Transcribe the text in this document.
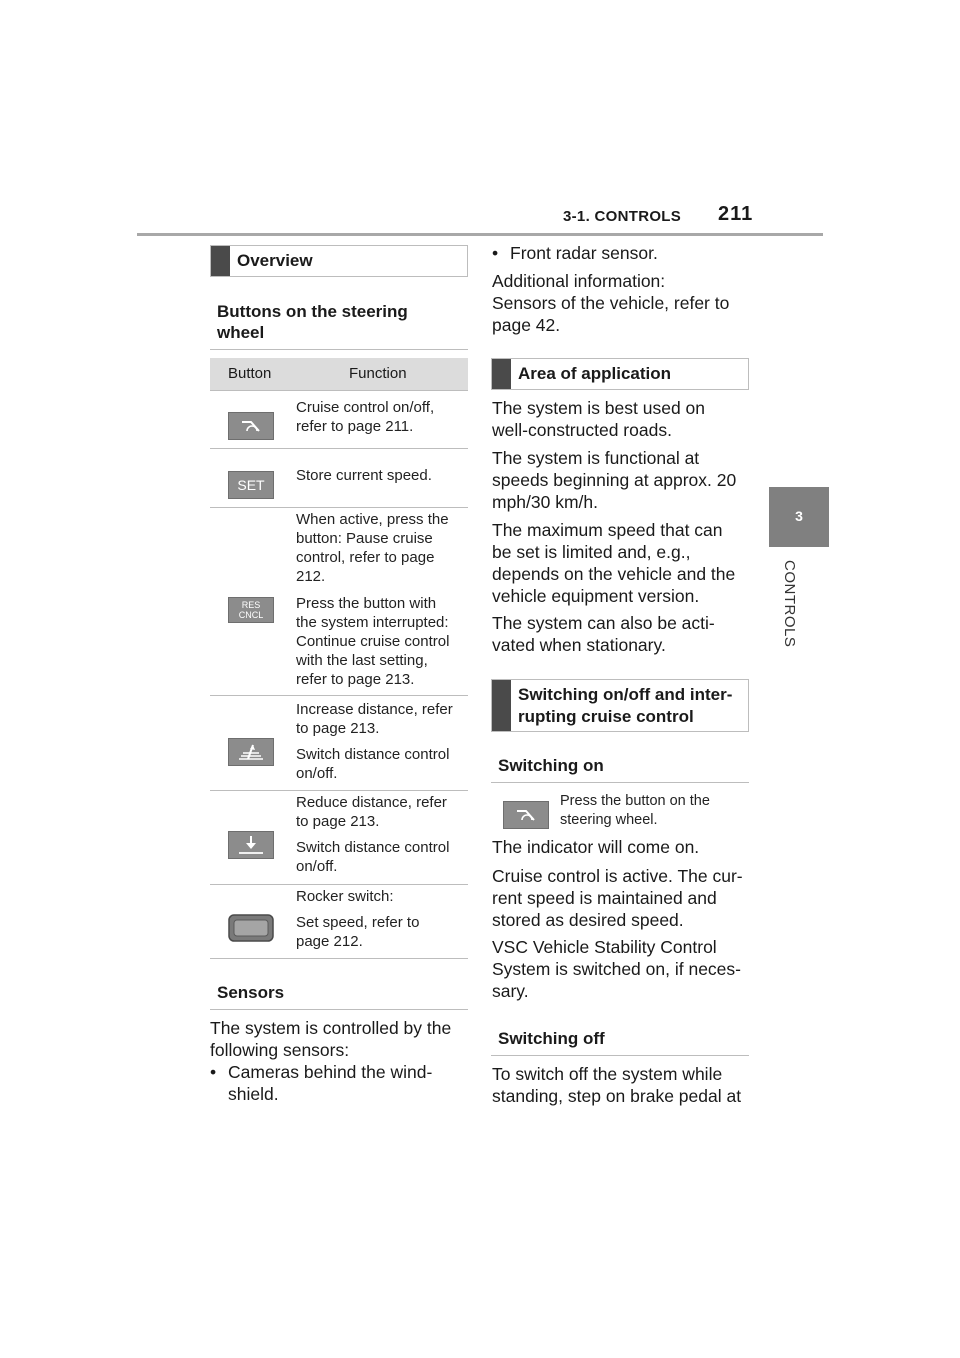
3-1. CONTROLS 211
3
CONTROLS
Overview
Buttons on the steering
wheel
Button	Function
Cruise control on/off,
refer to page 211.
SET
Store current speed.
RES
CNCL
When active, press the
button: Pause cruise
control, refer to page
212.
Press the button with
the system interrupted:
Continue cruise control
with the last setting,
refer to page 213.
Increase distance, refer
to page 213.
Switch distance control
on/off.
Reduce distance, refer
to page 213.
Switch distance control
on/off.
Rocker switch:
Set speed, refer to
page 212.
Sensors
The system is controlled by the
following sensors:
• Cameras behind the wind-
shield.
• Front radar sensor.
Additional information:
Sensors of the vehicle, refer to
page 42.
Area of application
The system is best used on
well-constructed roads.
The system is functional at
speeds beginning at approx. 20
mph/30 km/h.
The maximum speed that can
be set is limited and, e.g.,
depends on the vehicle and the
vehicle equipment version.
The system can also be acti-
vated when stationary.
Switching on/off and inter-
rupting cruise control
Switching on
Press the button on the
steering wheel.
The indicator will come on.
Cruise control is active. The cur-
rent speed is maintained and
stored as desired speed.
VSC Vehicle Stability Control
System is switched on, if neces-
sary.
Switching off
To switch off the system while
standing, step on brake pedal at
